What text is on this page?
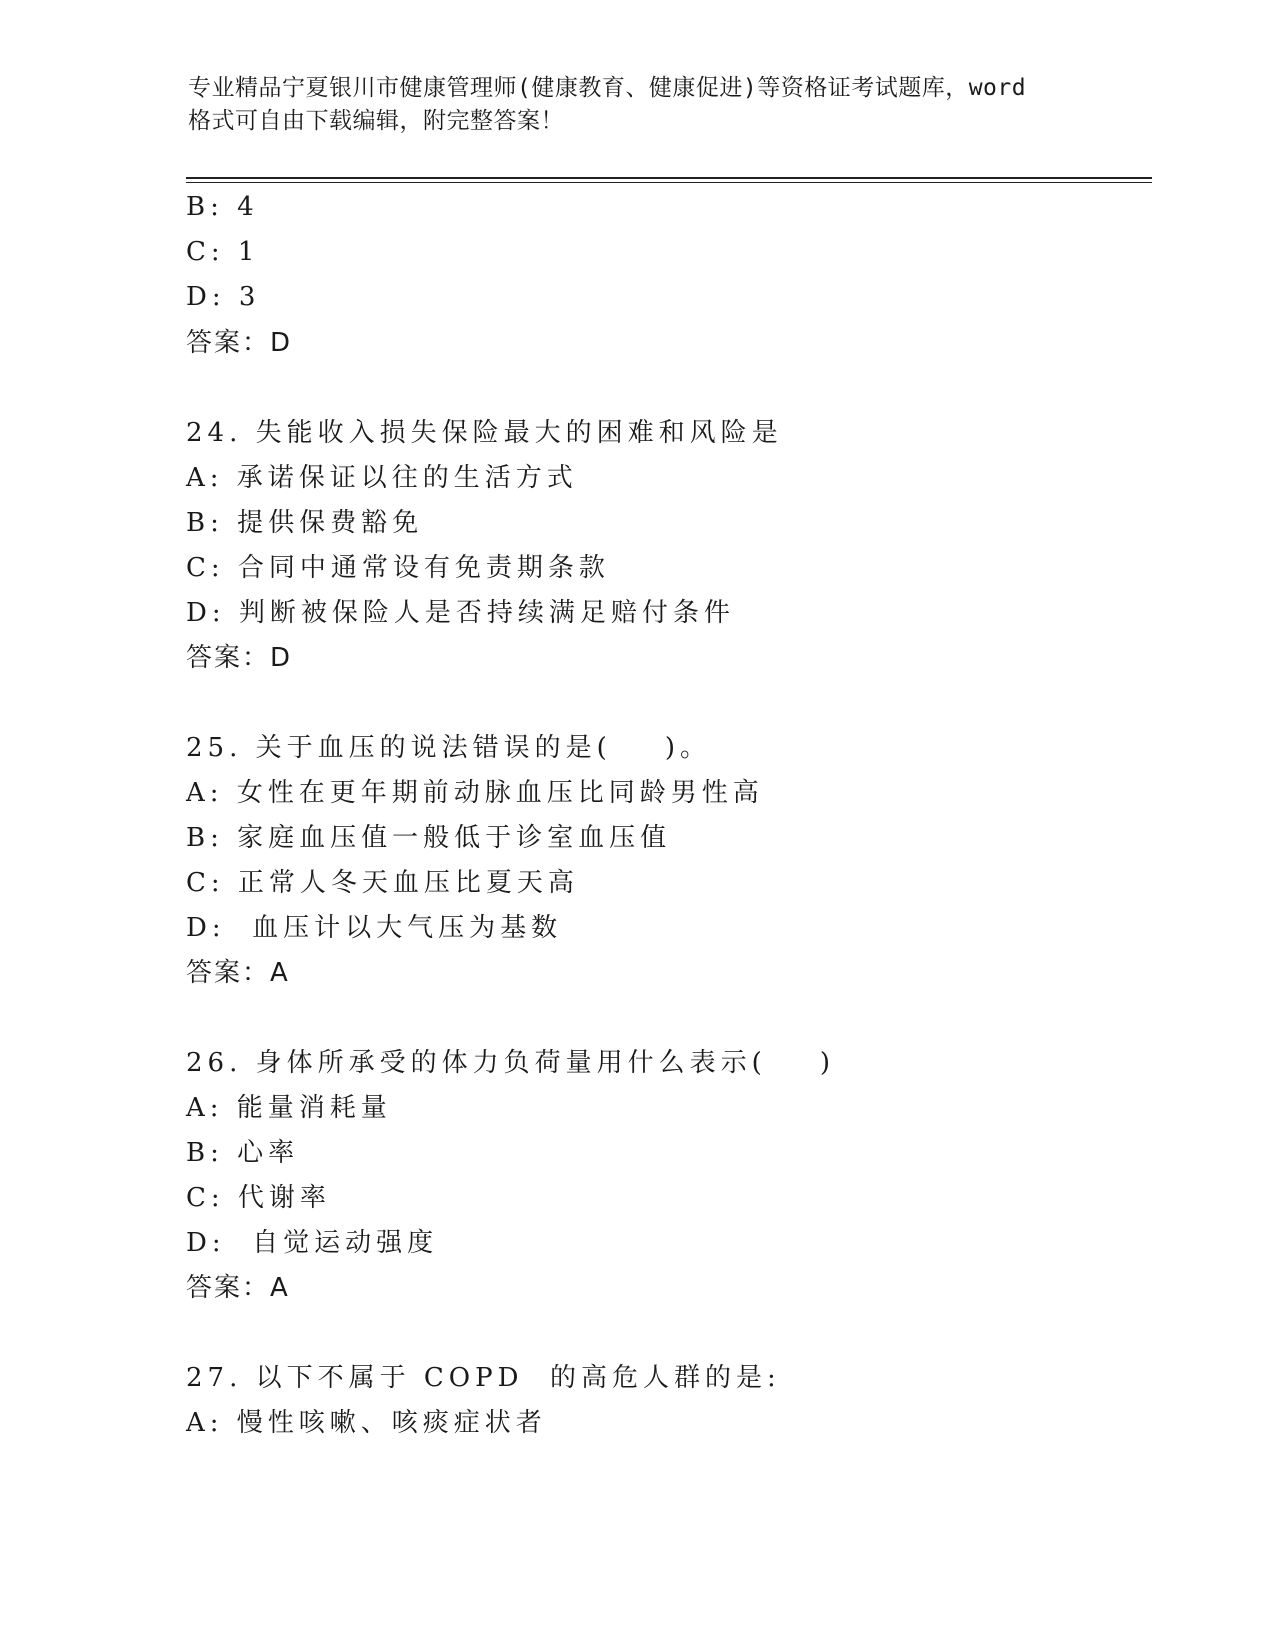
专业精品宁夏银川市健康管理师(健康教育、健康促进)等资格证考试题库，word
格式可自由下载编辑，附完整答案！
B: 4
C: 1
D: 3
答案：D
24. 失能收入损失保险最大的困难和风险是
A: 承诺保证以往的生活方式
B: 提供保费豁免
C: 合同中通常设有免责期条款
D: 判断被保险人是否持续满足赔付条件
答案：D
25. 关于血压的说法错误的是(    )。
A: 女性在更年期前动脉血压比同龄男性高
B: 家庭血压值一般低于诊室血压值
C: 正常人冬天血压比夏天高
D:  血压计以大气压为基数
答案：A
26. 身体所承受的体力负荷量用什么表示(    )
A: 能量消耗量
B: 心率
C: 代谢率
D:  自觉运动强度
答案：A
27. 以下不属于 COPD  的高危人群的是:
A: 慢性咳嗽、咳痰症状者
